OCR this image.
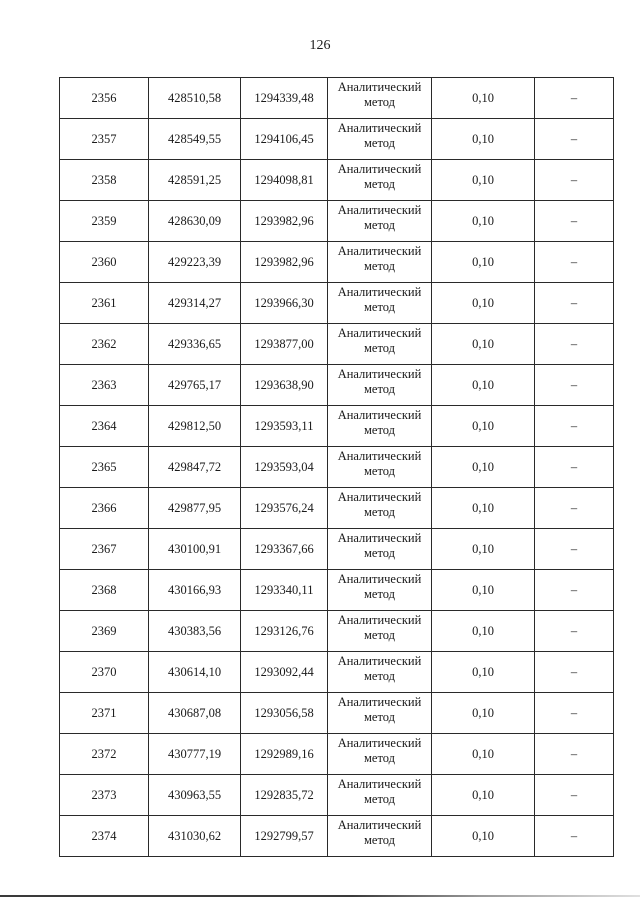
126
2356	428510,58	1294339,48	Аналитический
метод	0,10	–
2357	428549,55	1294106,45	Аналитический
метод	0,10	–
2358	428591,25	1294098,81	Аналитический
метод	0,10	–
2359	428630,09	1293982,96	Аналитический
метод	0,10	–
2360	429223,39	1293982,96	Аналитический
метод	0,10	–
2361	429314,27	1293966,30	Аналитический
метод	0,10	–
2362	429336,65	1293877,00	Аналитический
метод	0,10	–
2363	429765,17	1293638,90	Аналитический
метод	0,10	–
2364	429812,50	1293593,11	Аналитический
метод	0,10	–
2365	429847,72	1293593,04	Аналитический
метод	0,10	–
2366	429877,95	1293576,24	Аналитический
метод	0,10	–
2367	430100,91	1293367,66	Аналитический
метод	0,10	–
2368	430166,93	1293340,11	Аналитический
метод	0,10	–
2369	430383,56	1293126,76	Аналитический
метод	0,10	–
2370	430614,10	1293092,44	Аналитический
метод	0,10	–
2371	430687,08	1293056,58	Аналитический
метод	0,10	–
2372	430777,19	1292989,16	Аналитический
метод	0,10	–
2373	430963,55	1292835,72	Аналитический
метод	0,10	–
2374	431030,62	1292799,57	Аналитический
метод	0,10	–
